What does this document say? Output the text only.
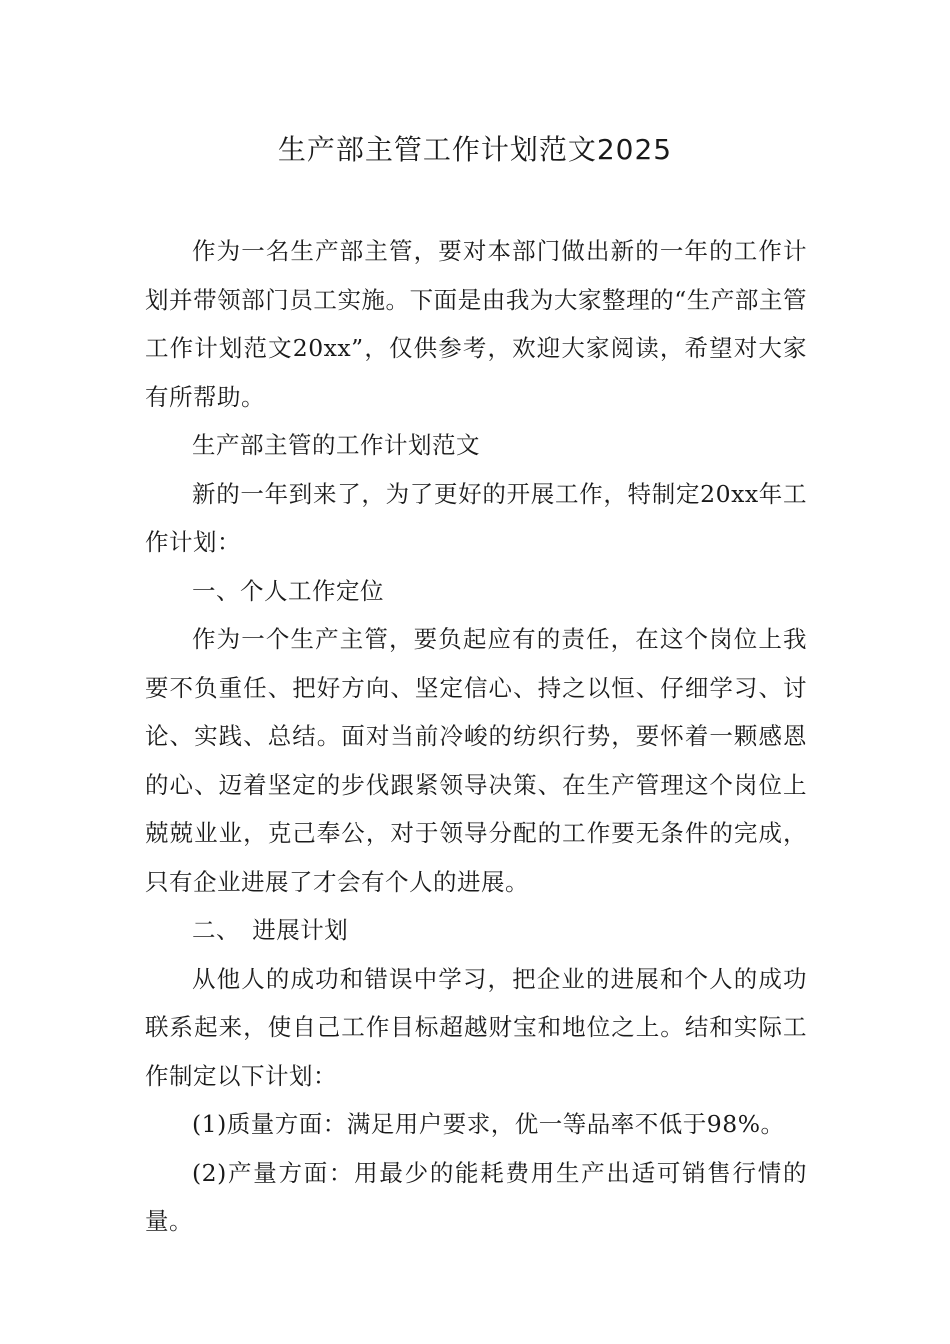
生产部主管工作计划范文2025

作为一名生产部主管，要对本部门做出新的一年的工作计划并带领部门员工实施。下面是由我为大家整理的“生产部主管工作计划范文20xx”，仅供参考，欢迎大家阅读，希望对大家有所帮助。

生产部主管的工作计划范文

新的一年到来了，为了更好的开展工作，特制定20xx年工作计划：

一、个人工作定位

作为一个生产主管，要负起应有的责任，在这个岗位上我要不负重任、把好方向、坚定信心、持之以恒、仔细学习、讨论、实践、总结。面对当前冷峻的纺织行势，要怀着一颗感恩的心、迈着坚定的步伐跟紧领导决策、在生产管理这个岗位上兢兢业业，克己奉公，对于领导分配的工作要无条件的完成，只有企业进展了才会有个人的进展。

二、　进展计划

从他人的成功和错误中学习，把企业的进展和个人的成功联系起来，使自己工作目标超越财宝和地位之上。结和实际工作制定以下计划：

(1)质量方面：满足用户要求，优一等品率不低于98%。

(2)产量方面：用最少的能耗费用生产出适可销售行情的量。
